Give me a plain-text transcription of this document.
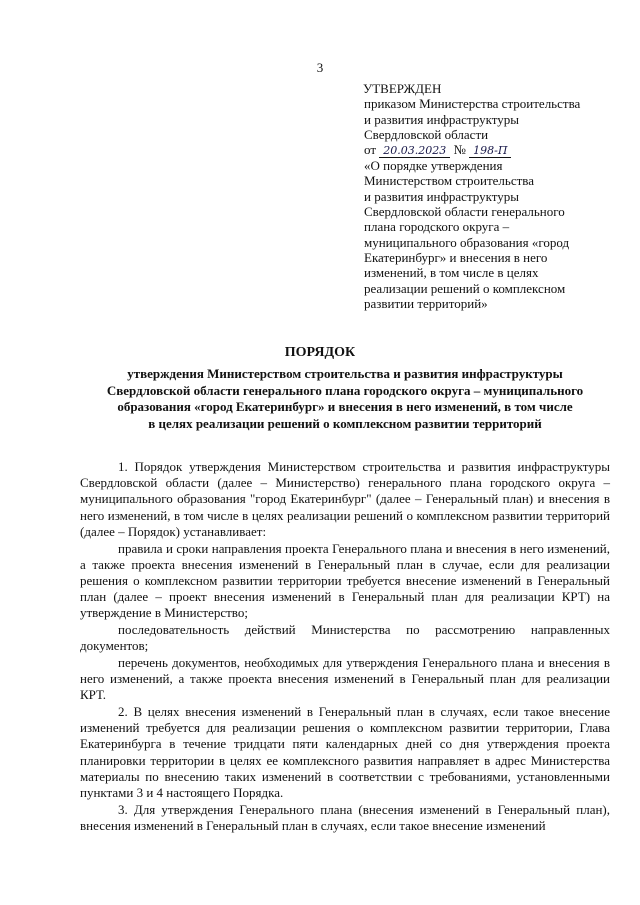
3
УТВЕРЖДЕН
приказом Министерства строительства
и развития инфраструктуры
Свердловской области
от 20.03.2023 № 198-П
«О порядке утверждения
Министерством строительства
и развития инфраструктуры
Свердловской области генерального
плана городского округа –
муниципального образования «город
Екатеринбург» и внесения в него
изменений, в том числе в целях
реализации решений о комплексном
развитии территорий»
ПОРЯДОК
утверждения Министерством строительства и развития инфраструктуры
Свердловской области генерального плана городского округа – муниципального
образования «город Екатеринбург» и внесения в него изменений, в том числе
в целях реализации решений о комплексном развитии территорий

1. Порядок утверждения Министерством строительства и развития инфраструктуры Свердловской области (далее – Министерство) генерального плана городского округа – муниципального образования "город Екатеринбург" (далее – Генеральный план) и внесения в него изменений, в том числе в целях реализации решений о комплексном развитии территорий (далее – Порядок) устанавливает:

правила и сроки направления проекта Генерального плана и внесения в него изменений, а также проекта внесения изменений в Генеральный план в случае, если для реализации решения о комплексном развитии территории требуется внесение изменений в Генеральный план (далее – проект внесения изменений в Генеральный план для реализации КРТ) на утверждение в Министерство;

последовательность действий Министерства по рассмотрению направленных документов;

перечень документов, необходимых для утверждения Генерального плана и внесения в него изменений, а также проекта внесения изменений в Генеральный план для реализации КРТ.

2. В целях внесения изменений в Генеральный план в случаях, если такое внесение изменений требуется для реализации решения о комплексном развитии территории, Глава Екатеринбурга в течение тридцати пяти календарных дней со дня утверждения проекта планировки территории в целях ее комплексного развития направляет в адрес Министерства материалы по внесению таких изменений в соответствии с требованиями, установленными пунктами 3 и 4 настоящего Порядка.

3. Для утверждения Генерального плана (внесения изменений в Генеральный план), внесения изменений в Генеральный план в случаях, если такое внесение изменений
